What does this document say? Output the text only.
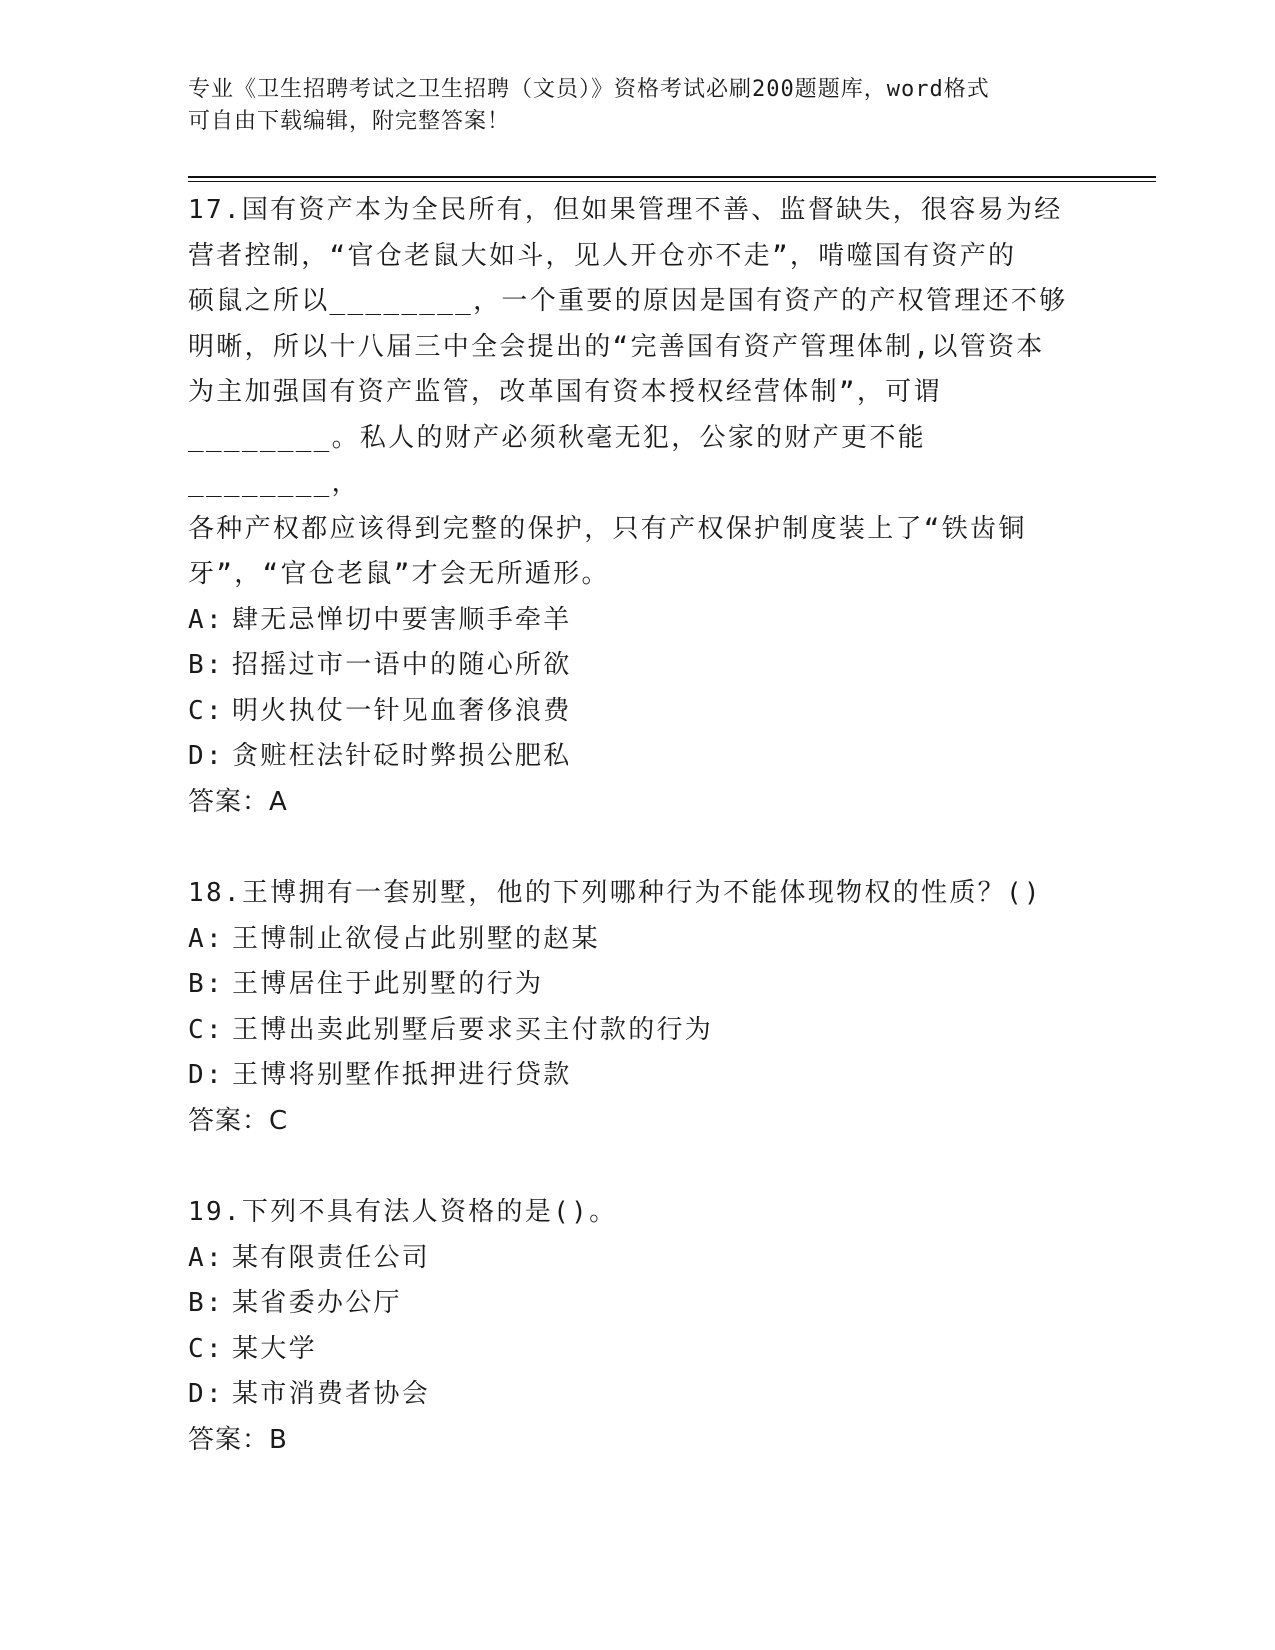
专业《卫生招聘考试之卫生招聘（文员）》资格考试必刷200题题库，word格式
可自由下载编辑，附完整答案！

17.国有资产本为全民所有，但如果管理不善、监督缺失，很容易为经

营者控制，“官仓老鼠大如斗，见人开仓亦不走”，啃噬国有资产的

硕鼠之所以________，一个重要的原因是国有资产的产权管理还不够

明晰，所以十八届三中全会提出的“完善国有资产管理体制,以管资本

为主加强国有资产监管，改革国有资本授权经营体制”，可谓

________。私人的财产必须秋毫无犯，公家的财产更不能________，

各种产权都应该得到完整的保护，只有产权保护制度装上了“铁齿铜

牙”，“官仓老鼠”才会无所遁形。

A: 肆无忌惮切中要害顺手牵羊

B: 招摇过市一语中的随心所欲

C: 明火执仗一针见血奢侈浪费

D: 贪赃枉法针砭时弊损公肥私

答案：A

18.王博拥有一套别墅，他的下列哪种行为不能体现物权的性质？()

A: 王博制止欲侵占此别墅的赵某

B: 王博居住于此别墅的行为

C: 王博出卖此别墅后要求买主付款的行为

D: 王博将别墅作抵押进行贷款

答案：C

19.下列不具有法人资格的是()。

A: 某有限责任公司

B: 某省委办公厅

C: 某大学

D: 某市消费者协会

答案：B
